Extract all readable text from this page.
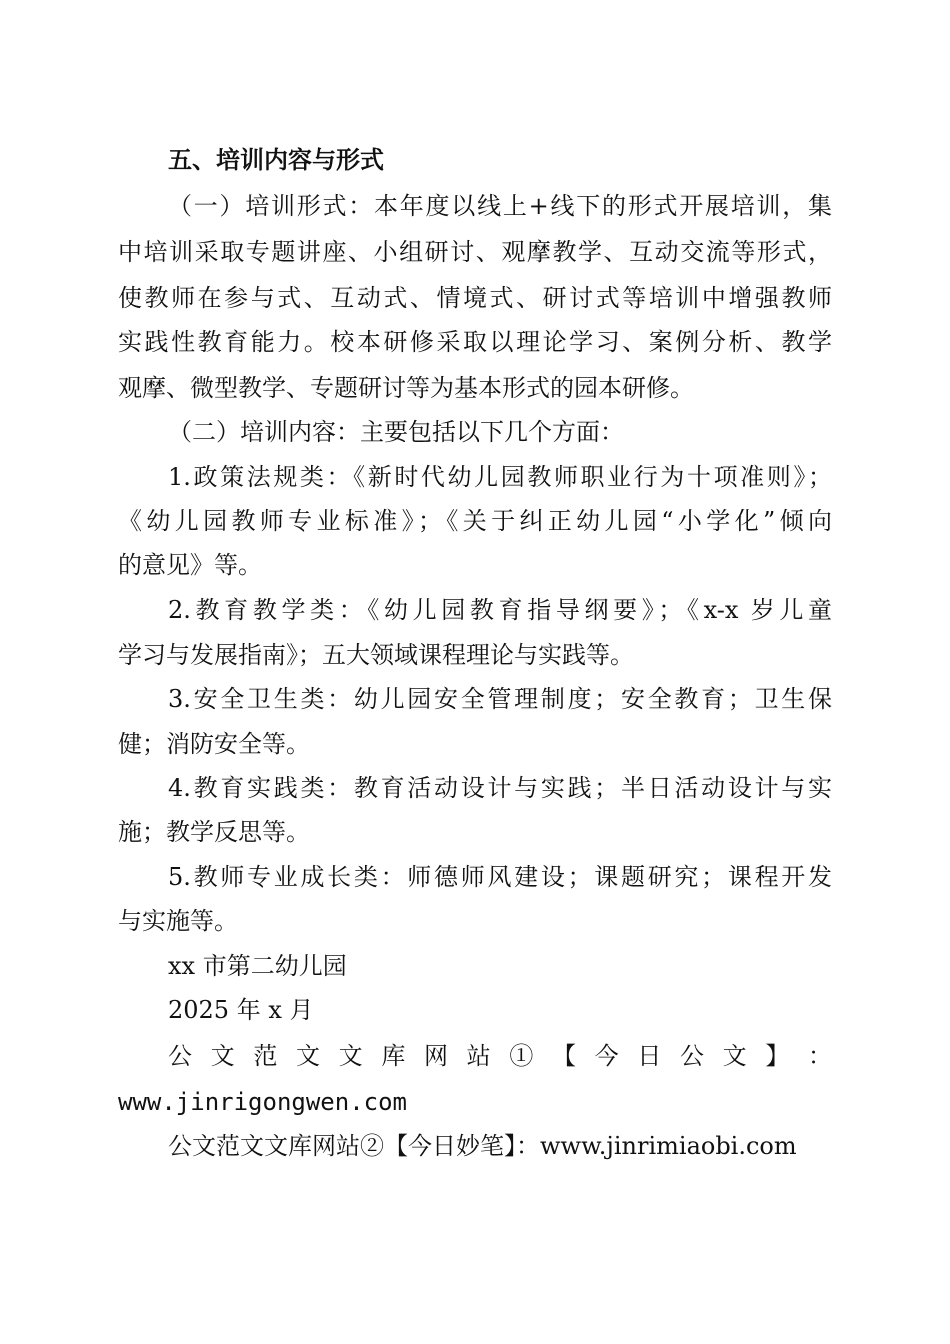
五、培训内容与形式
（一）培训形式：本年度以线上+线下的形式开展培训，集
中培训采取专题讲座、小组研讨、观摩教学、互动交流等形式，
使教师在参与式、互动式、情境式、研讨式等培训中增强教师
实践性教育能力。校本研修采取以理论学习、案例分析、教学
观摩、微型教学、专题研讨等为基本形式的园本研修。
（二）培训内容：主要包括以下几个方面：
1.政策法规类：《新时代幼儿园教师职业行为十项准则》；
《幼儿园教师专业标准》；《关于纠正幼儿园“小学化”倾向
的意见》等。
2.教育教学类：《幼儿园教育指导纲要》；《x-x 岁儿童
学习与发展指南》；五大领域课程理论与实践等。
3.安全卫生类：幼儿园安全管理制度；安全教育；卫生保
健；消防安全等。
4.教育实践类：教育活动设计与实践；半日活动设计与实
施；教学反思等。
5.教师专业成长类：师德师风建设；课题研究；课程开发
与实施等。
xx 市第二幼儿园
2025 年 x 月
公 文 范 文 文 库 网 站 ① 【 今 日 公 文 】 ：
www.jinrigongwen.com
公文范文文库网站②【今日妙笔】：www.jinrimiaobi.com
